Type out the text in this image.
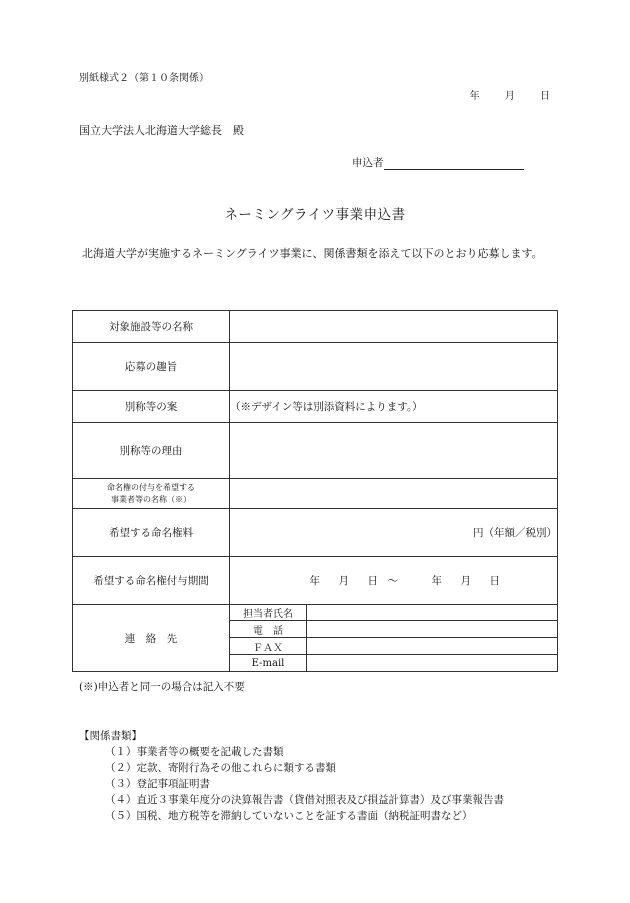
別紙様式２（第１０条関係）
年	月	日
国立大学法人北海道大学総長　殿
申込者
ネーミングライツ事業申込書
北海道大学が実施するネーミングライツ事業に、関係書類を添えて以下のとおり応募します。
対象施設等の名称		
応募の趣旨		
別称等の案	（※デザイン等は別添資料によります。）	
別称等の理由		

命名権の付与を希望する
事業者等の名称（※）		

希望する命名権料	円（年額／税別）	
希望する命名権付与期間	年 月 日 ～ 年 月 日	
連　絡　先	担当者氏名	
	電　話	
	ＦＡＸ	
	E-mail	
(※)申込者と同一の場合は記入不要
【関係書類】
（１）事業者等の概要を記載した書類
（２）定款、寄附行為その他これらに類する書類
（３）登記事項証明書
（４）直近３事業年度分の決算報告書（貸借対照表及び損益計算書）及び事業報告書
（５）国税、地方税等を滞納していないことを証する書面（納税証明書など）
